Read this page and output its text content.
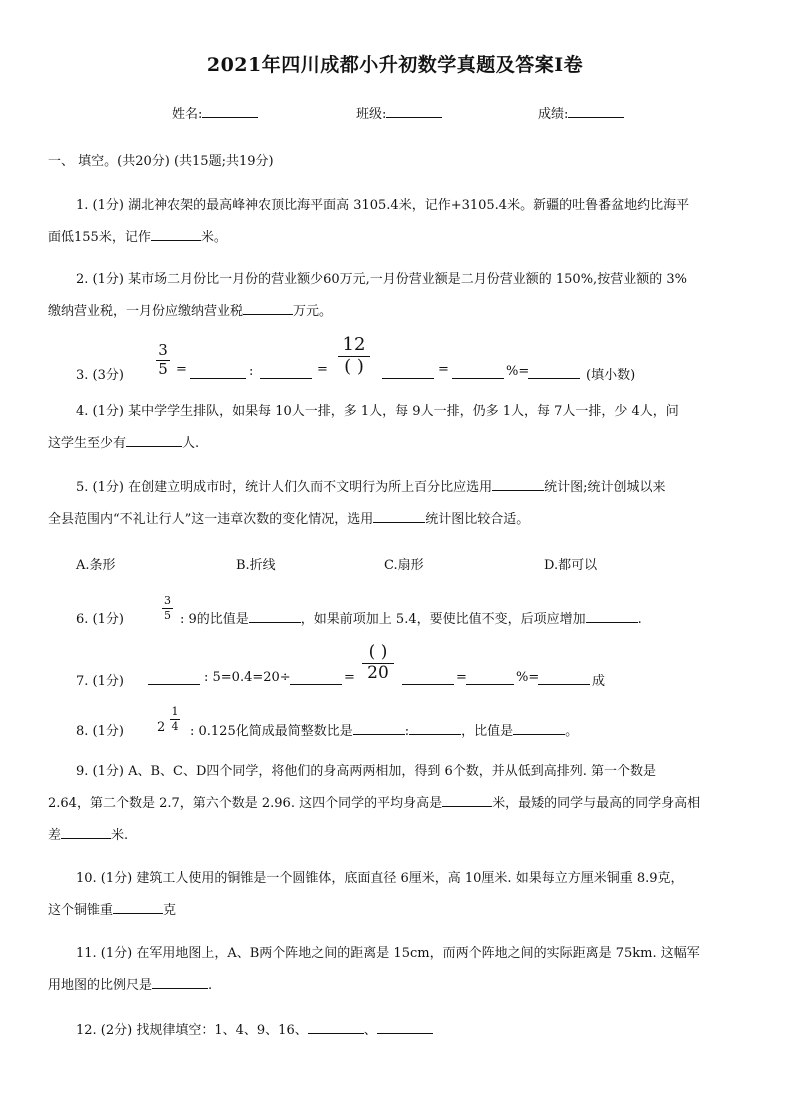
2021年四川成都小升初数学真题及答案Ⅰ卷
姓名:	班级:	成绩:
一、 填空。(共20分) (共15题;共19分)
1. (1分) 湖北神农架的最高峰神农顶比海平面高 3105.4米，记作+3105.4米。新疆的吐鲁番盆地约比海平
面低155米，记作	米。
2. (1分) 某市场二月份比一月份的营业额少60万元,一月份营业额是二月份营业额的 150%,按营业额的 3%
缴纳营业税，一月份应缴纳营业税	万元。
3. (3分)
3
5 =	:	=
12
( )	=	%=	(填小数)
4. (1分) 某中学学生排队，如果每 10人一排，多 1人，每 9人一排，仍多 1人，每 7人一排，少 4人，问
这学生至少有	人.
5. (1分) 在创建立明成市时，统计人们久而不文明行为所上百分比应选用	统计图;统计创城以来
全县范围内“不礼让行人”这一违章次数的变化情况，选用	统计图比较合适。
A.条形	B.折线	C.扇形	D.都可以
6. (1分)
3
5 : 9的比值是	，如果前项加上 5.4，要使比值不变，后项应增加	.
7. (1分)	: 5=0.4=20÷	=
( )
20	=	%=	成
8. (1分)	2
1
4 : 0.125化简成最简整数比是	:	，比值是	。
9. (1分) A、B、C、D四个同学，将他们的身高两两相加，得到 6个数，并从低到高排列. 第一个数是
2.64，第二个数是 2.7，第六个数是 2.96. 这四个同学的平均身高是	米，最矮的同学与最高的同学身高相
差	米.
10. (1分) 建筑工人使用的铜锥是一个圆锥体，底面直径 6厘米，高 10厘米. 如果每立方厘米铜重 8.9克，
这个铜锥重	克
11. (1分) 在军用地图上，A、B两个阵地之间的距离是 15cm，而两个阵地之间的实际距离是 75km. 这幅军
用地图的比例尺是	.
12. (2分) 找规律填空：1、4、9、16、	、
